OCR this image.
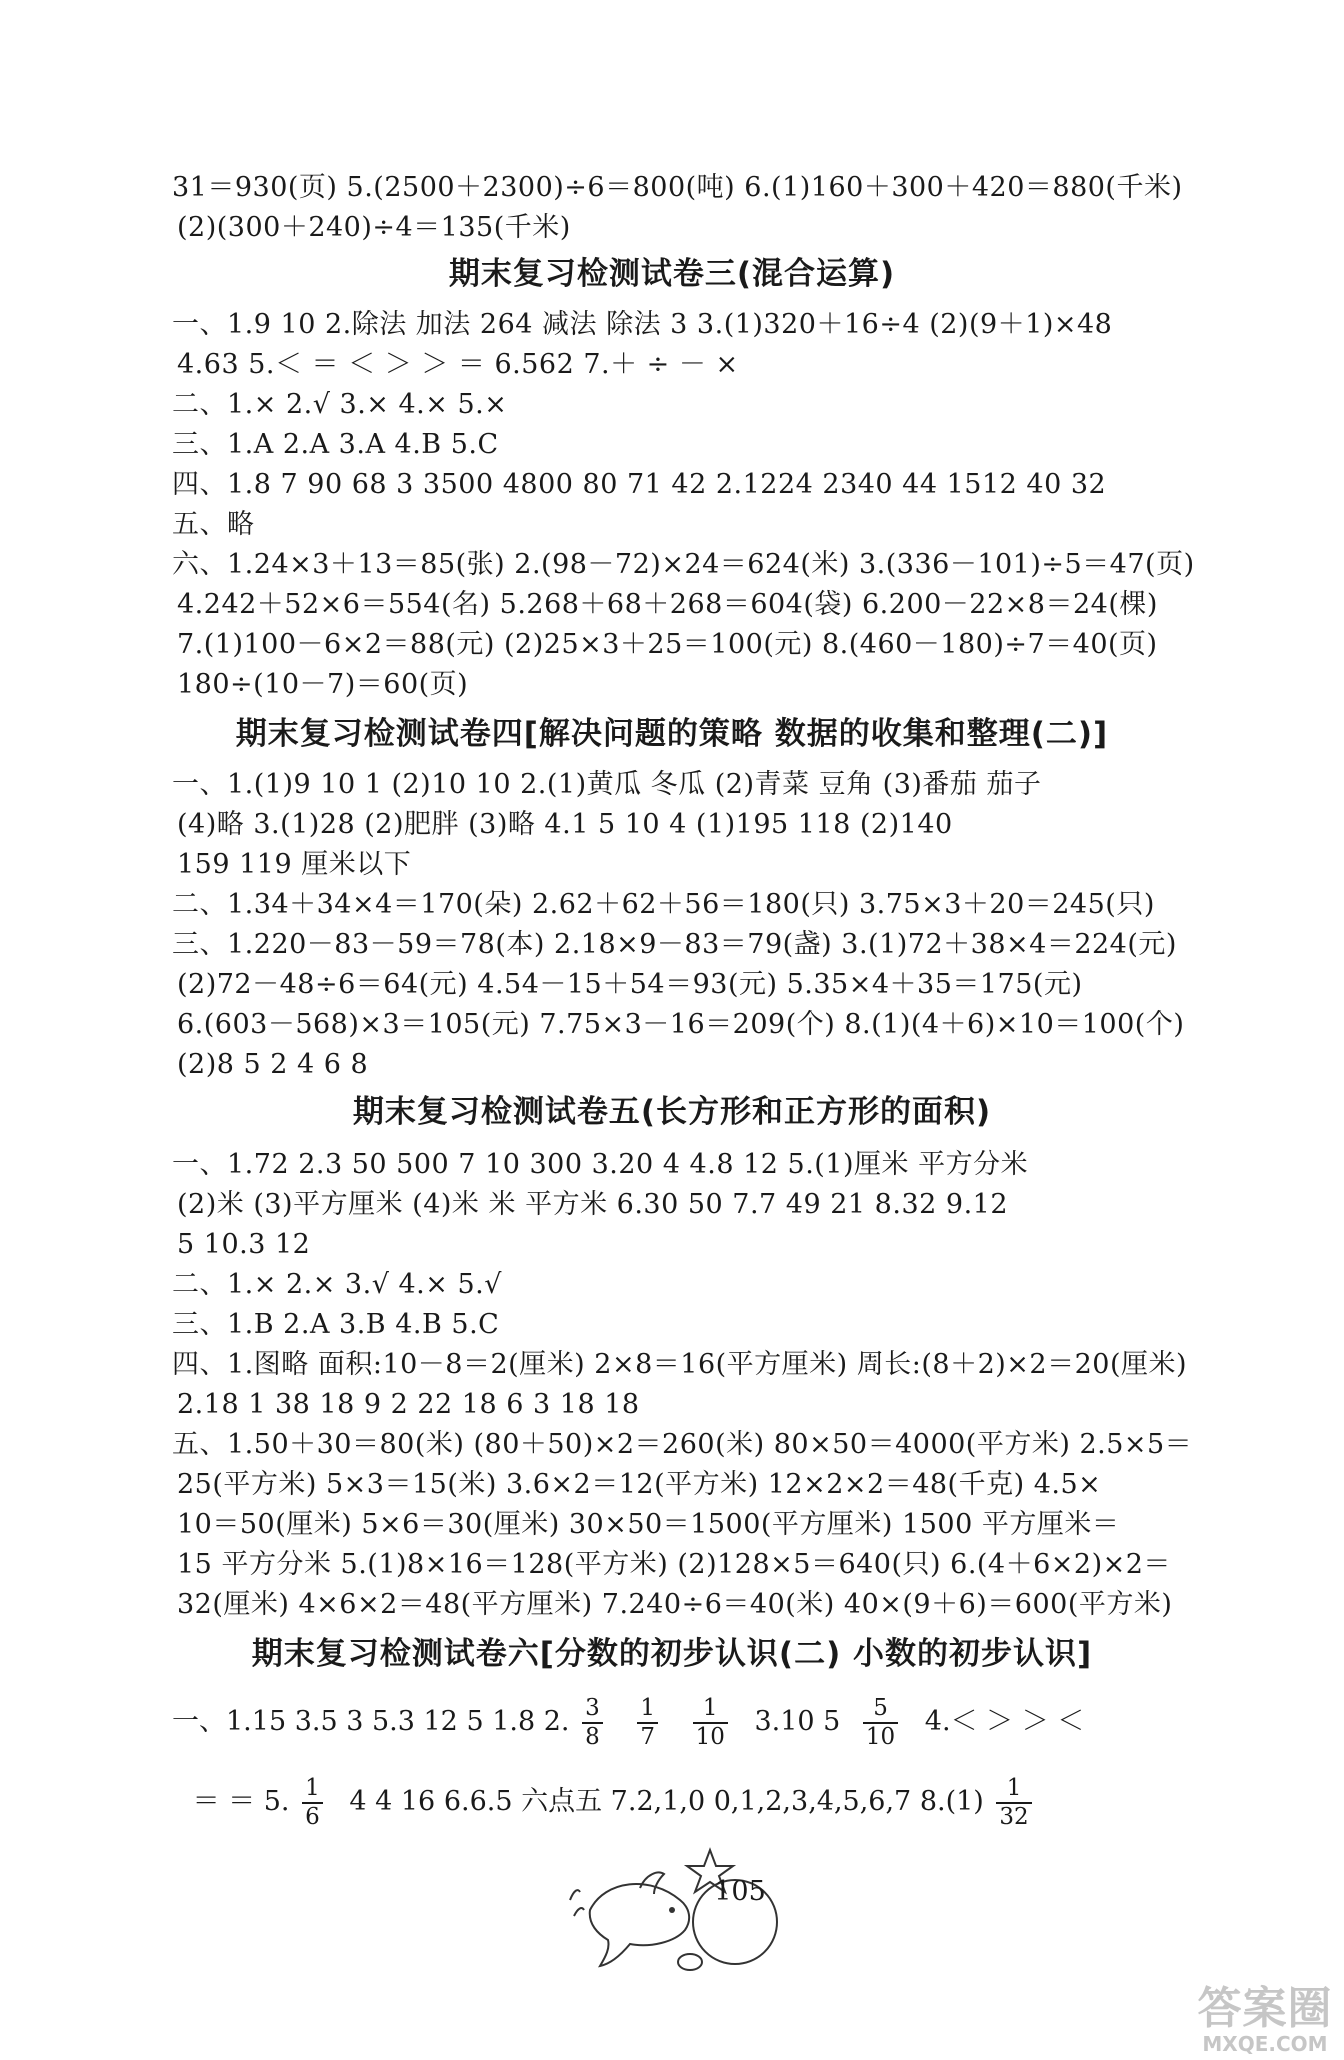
31＝930(页) 5.(2500＋2300)÷6＝800(吨) 6.(1)160＋300＋420＝880(千米)
(2)(300＋240)÷4＝135(千米)
期末复习检测试卷三(混合运算)
一、1.9 10 2.除法 加法 264 减法 除法 3 3.(1)320＋16÷4 (2)(9＋1)×48
4.63 5.＜ ＝ ＜ ＞ ＞ ＝ 6.562 7.＋ ÷ － ×
二、1.× 2.√ 3.× 4.× 5.×
三、1.A 2.A 3.A 4.B 5.C
四、1.8 7 90 68 3 3500 4800 80 71 42 2.1224 2340 44 1512 40 32
五、略
六、1.24×3＋13＝85(张) 2.(98－72)×24＝624(米) 3.(336－101)÷5＝47(页)
4.242＋52×6＝554(名) 5.268＋68＋268＝604(袋) 6.200－22×8＝24(棵)
7.(1)100－6×2＝88(元) (2)25×3＋25＝100(元) 8.(460－180)÷7＝40(页)
180÷(10－7)＝60(页)
期末复习检测试卷四[解决问题的策略 数据的收集和整理(二)]
一、1.(1)9 10 1 (2)10 10 2.(1)黄瓜 冬瓜 (2)青菜 豆角 (3)番茄 茄子
(4)略 3.(1)28 (2)肥胖 (3)略 4.1 5 10 4 (1)195 118 (2)140
159 119 厘米以下
二、1.34＋34×4＝170(朵) 2.62＋62＋56＝180(只) 3.75×3＋20＝245(只)
三、1.220－83－59＝78(本) 2.18×9－83＝79(盏) 3.(1)72＋38×4＝224(元)
(2)72－48÷6＝64(元) 4.54－15＋54＝93(元) 5.35×4＋35＝175(元)
6.(603－568)×3＝105(元) 7.75×3－16＝209(个) 8.(1)(4＋6)×10＝100(个)
(2)8 5 2 4 6 8
期末复习检测试卷五(长方形和正方形的面积)
一、1.72 2.3 50 500 7 10 300 3.20 4 4.8 12 5.(1)厘米 平方分米
(2)米 (3)平方厘米 (4)米 米 平方米 6.30 50 7.7 49 21 8.32 9.12
5 10.3 12
二、1.× 2.× 3.√ 4.× 5.√
三、1.B 2.A 3.B 4.B 5.C
四、1.图略 面积:10－8＝2(厘米) 2×8＝16(平方厘米) 周长:(8＋2)×2＝20(厘米)
2.18 1 38 18 9 2 22 18 6 3 18 18
五、1.50＋30＝80(米) (80＋50)×2＝260(米) 80×50＝4000(平方米) 2.5×5＝
25(平方米) 5×3＝15(米) 3.6×2＝12(平方米) 12×2×2＝48(千克) 4.5×
10＝50(厘米) 5×6＝30(厘米) 30×50＝1500(平方厘米) 1500 平方厘米＝
15 平方分米 5.(1)8×16＝128(平方米) (2)128×5＝640(只) 6.(4＋6×2)×2＝
32(厘米) 4×6×2＝48(平方厘米) 7.240÷6＝40(米) 40×(9＋6)＝600(平方米)
期末复习检测试卷六[分数的初步认识(二) 小数的初步认识]
一、1.15 3.5 3 5.3 12 5 1.8 2. $\frac{3}{8}$
$\frac{1}{7}$
$\frac{1}{10} 3.10$ $5 \frac{5}{10} 4.<$ ＞ ＞ ＜
＝ ＝ 5. $\frac{1}{6} 4$ 4 16 6.6.5 六点五 7.2,1,0 0,1,2,3,4,5,6,7 $8.(1) \frac{1}{32}$
105
答案圈
MXQE.COM
